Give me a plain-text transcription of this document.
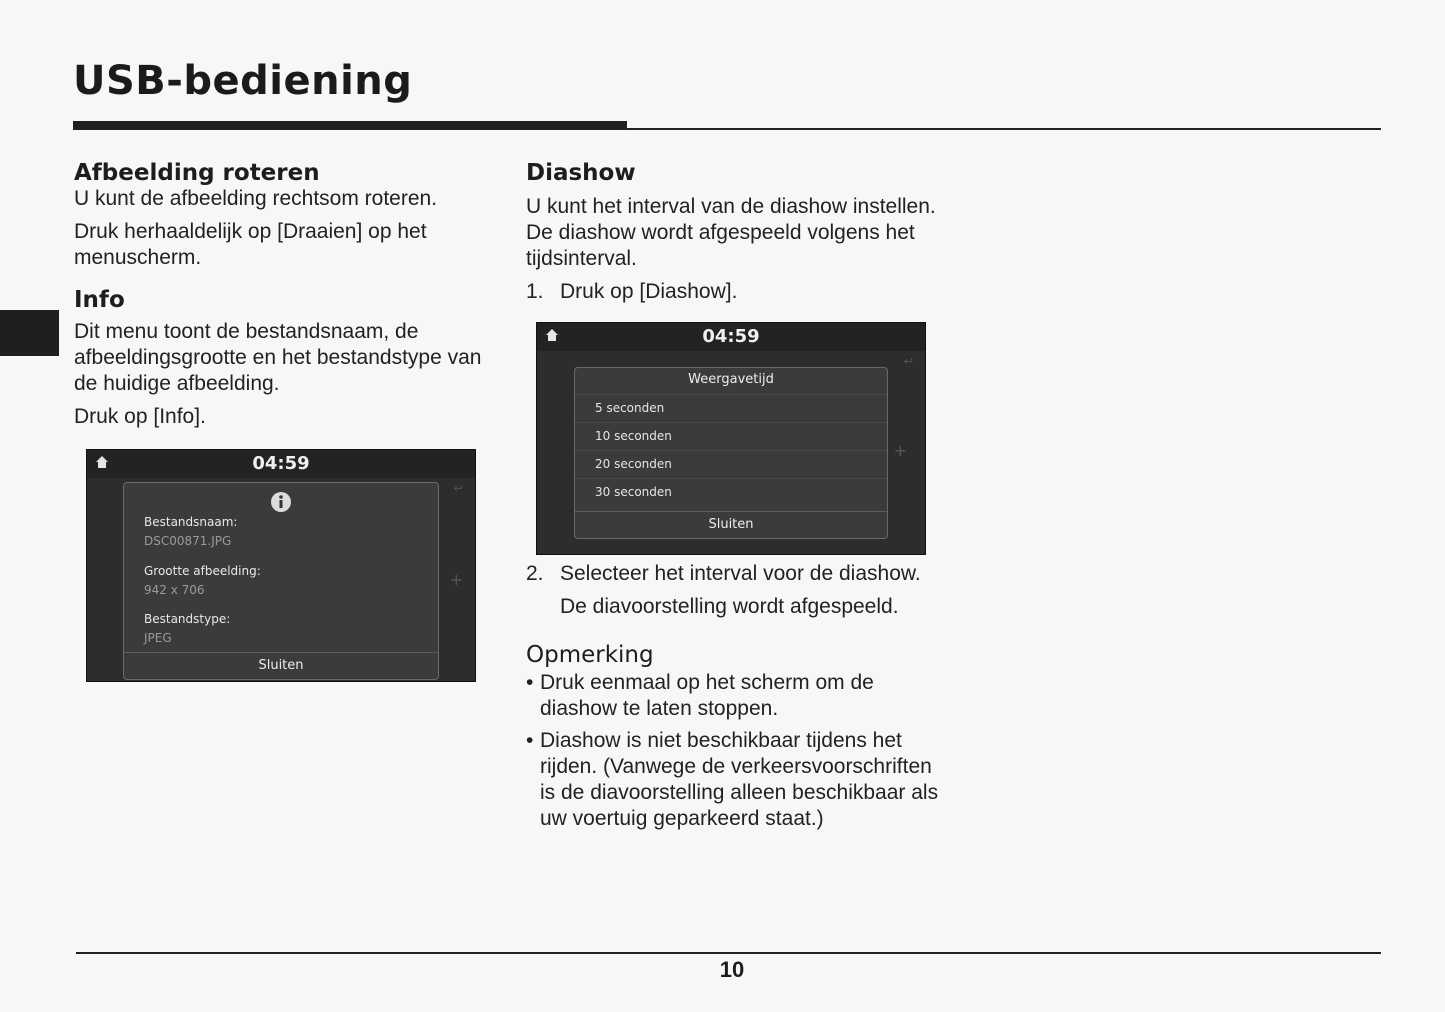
USB-bediening
Afbeelding roteren

U kunt de afbeelding rechtsom roteren.

Druk herhaaldelijk op [Draaien] op het menuscherm.

Info

Dit menu toont de bestandsnaam, de afbeeldingsgrootte en het bestandstype van de huidige afbeelding.

Druk op [Info].

04:59
↩
+
Bestandsnaam:
DSC00871.JPG
Grootte afbeelding:
942 x 706
Bestandstype:
JPEG
Sluiten
Diashow

U kunt het interval van de diashow instellen.

De diashow wordt afgespeeld volgens het tijdsinterval.

1. Druk op [Diashow].
04:59
↩
+
Weergavetijd
5 seconden
10 seconden
20 seconden
30 seconden
Sluiten
2. Selecteer het interval voor de diashow.

De diavoorstelling wordt afgespeeld.

Opmerking
• Druk eenmaal op het scherm om de diashow te laten stoppen.
• Diashow is niet beschikbaar tijdens het rijden. (Vanwege de verkeersvoorschriften is de diavoorstelling alleen beschikbaar als uw voertuig geparkeerd staat.)
10
